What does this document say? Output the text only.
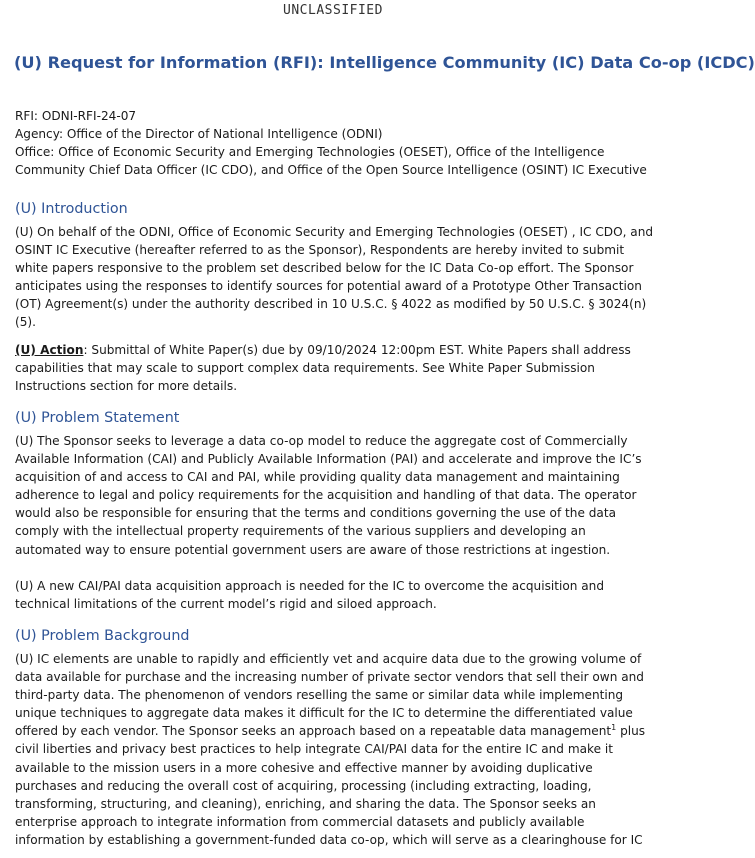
UNCLASSIFIED
(U) Request for Information (RFI): Intelligence Community (IC) Data Co-op (ICDC)
RFI: ODNI-RFI-24-07
Agency: Office of the Director of National Intelligence (ODNI)
Office: Office of Economic Security and Emerging Technologies (OESET), Office of the Intelligence Community Chief Data Officer (IC CDO), and Office of the Open Source Intelligence (OSINT) IC Executive
(U) Introduction

(U) On behalf of the ODNI, Office of Economic Security and Emerging Technologies (OESET) , IC CDO, and OSINT IC Executive (hereafter referred to as the Sponsor), Respondents are hereby invited to submit white papers responsive to the problem set described below for the IC Data Co-op effort. The Sponsor anticipates using the responses to identify sources for potential award of a Prototype Other Transaction (OT) Agreement(s) under the authority described in 10 U.S.C. § 4022 as modified by 50 U.S.C. § 3024(n)(5).

(U) Action: Submittal of White Paper(s) due by 09/10/2024 12:00pm EST. White Papers shall address capabilities that may scale to support complex data requirements. See White Paper Submission Instructions section for more details.

(U) Problem Statement

(U) The Sponsor seeks to leverage a data co-op model to reduce the aggregate cost of Commercially Available Information (CAI) and Publicly Available Information (PAI) and accelerate and improve the IC’s acquisition of and access to CAI and PAI, while providing quality data management and maintaining adherence to legal and policy requirements for the acquisition and handling of that data. The operator would also be responsible for ensuring that the terms and conditions governing the use of the data comply with the intellectual property requirements of the various suppliers and developing an automated way to ensure potential government users are aware of those restrictions at ingestion.

(U) A new CAI/PAI data acquisition approach is needed for the IC to overcome the acquisition and technical limitations of the current model’s rigid and siloed approach.

(U) Problem Background

(U) IC elements are unable to rapidly and efficiently vet and acquire data due to the growing volume of data available for purchase and the increasing number of private sector vendors that sell their own and third-party data. The phenomenon of vendors reselling the same or similar data while implementing unique techniques to aggregate data makes it difficult for the IC to determine the differentiated value offered by each vendor. The Sponsor seeks an approach based on a repeatable data management$^1$ plus civil liberties and privacy best practices to help integrate CAI/PAI data for the entire IC and make it available to the mission users in a more cohesive and effective manner by avoiding duplicative purchases and reducing the overall cost of acquiring, processing (including extracting, loading, transforming, structuring, and cleaning), enriching, and sharing the data. The Sponsor seeks an enterprise approach to integrate information from commercial datasets and publicly available information by establishing a government-funded data co-op, which will serve as a clearinghouse for IC
